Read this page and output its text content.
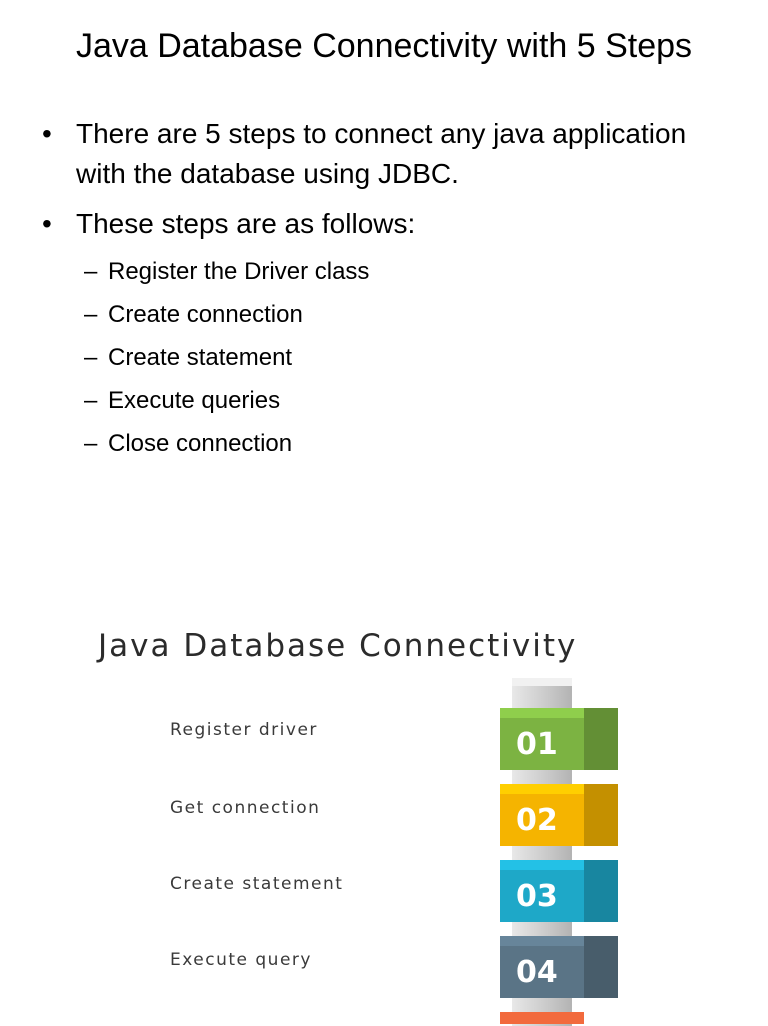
Java Database Connectivity with 5 Steps
• There are 5 steps to connect any java application with the database using JDBC.
• These steps are as follows:
– Register the Driver class
– Create connection
– Create statement
– Execute queries
– Close connection
Java Database Connectivity
Register driver
Get connection
Create statement
Execute query
01
02
03
04
